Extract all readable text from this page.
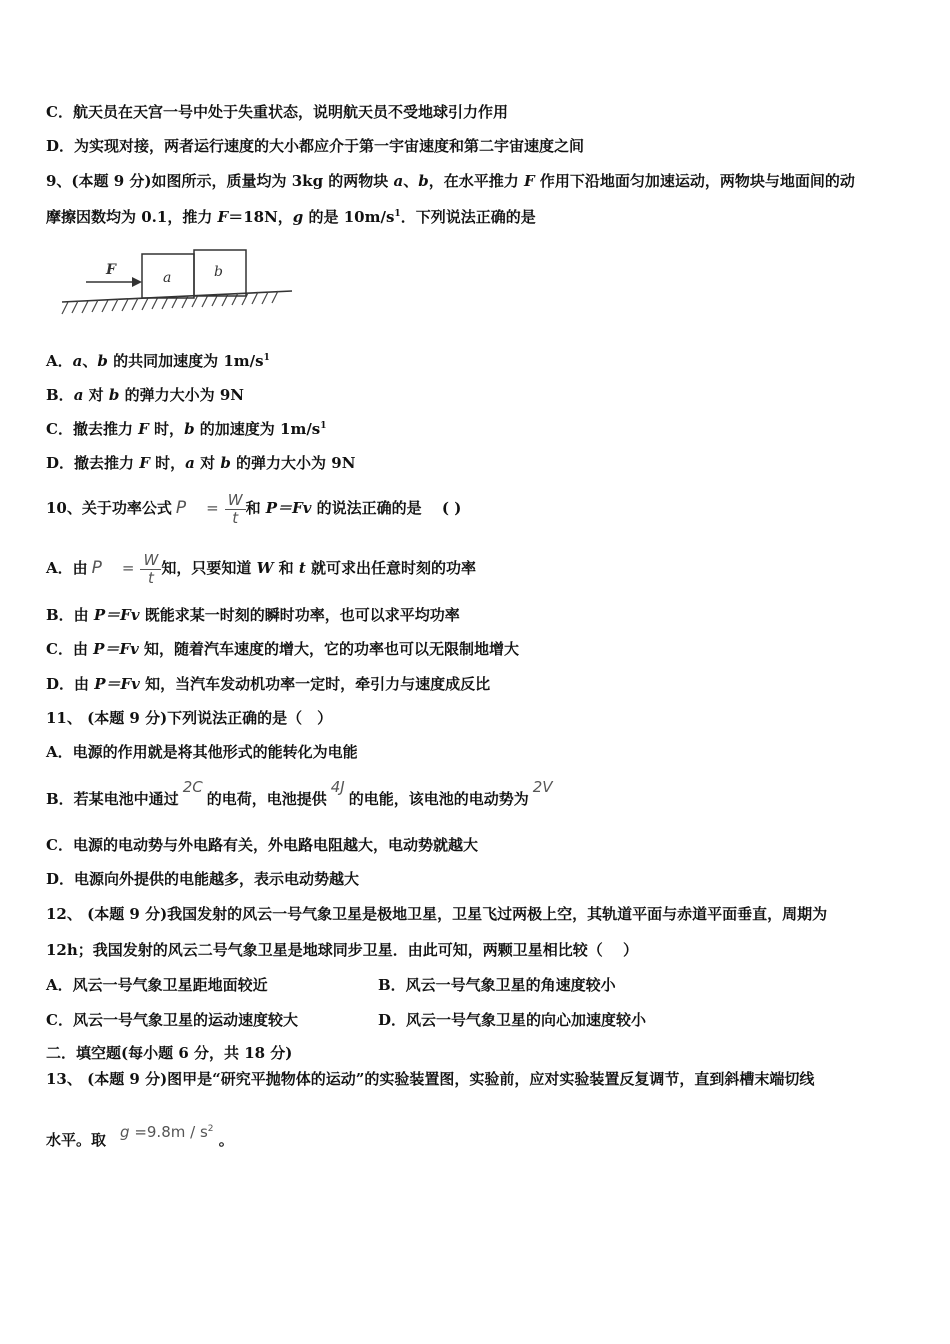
C．航天员在天宫一号中处于失重状态，说明航天员不受地球引力作用
D．为实现对接，两者运行速度的大小都应介于第一宇宙速度和第二宇宙速度之间
9、(本题 9 分)如图所示，质量均为 3kg 的两物块 a、b，在水平推力 F 作用下沿地面匀加速运动，两物块与地面间的动
摩擦因数均为 0.1，推力 F＝18N，g 的是 $10m/s^1$．下列说法正确的是
a	b
F
A．a、b 的共同加速度为 $1m/s^1$
B．a 对 b 的弹力大小为 9N
C．撤去推力 F 时，b 的加速度为 $1m/s^1$
D．撤去推力 F 时，a 对 b 的弹力大小为 9N
10、关于功率公式 $P = \frac{W}{t}$ 和 P＝Fv 的说法正确的是　 ( )
A．由 $P = \frac{W}{t}$ 知，只要知道 W 和 t 就可求出任意时刻的功率
B．由 P＝Fv 既能求某一时刻的瞬时功率，也可以求平均功率
C．由 P＝Fv 知，随着汽车速度的增大，它的功率也可以无限制地增大
D．由 P＝Fv 知，当汽车发动机功率一定时，牵引力与速度成反比
11、 (本题 9 分)下列说法正确的是（　）
A．电源的作用就是将其他形式的能转化为电能
B．若某电池中通过2C的电荷，电池提供4J的电能，该电池的电动势为2V
C．电源的电动势与外电路有关，外电路电阻越大，电动势就越大
D．电源向外提供的电能越多，表示电动势越大
12、 (本题 9 分)我国发射的风云一号气象卫星是极地卫星，卫星飞过两极上空，其轨道平面与赤道平面垂直，周期为
12h；我国发射的风云二号气象卫星是地球同步卫星．由此可知，两颗卫星相比较（　 ）
A．风云一号气象卫星距地面较近	B．风云一号气象卫星的角速度较小
C．风云一号气象卫星的运动速度较大	D．风云一号气象卫星的向心加速度较小
二．填空题(每小题 6 分，共 18 分)
13、 (本题 9 分)图甲是“研究平抛物体的运动”的实验装置图，实验前，应对实验装置反复调节，直到斜槽末端切线
水平。取 $g =9.8m / s^2$ 。
